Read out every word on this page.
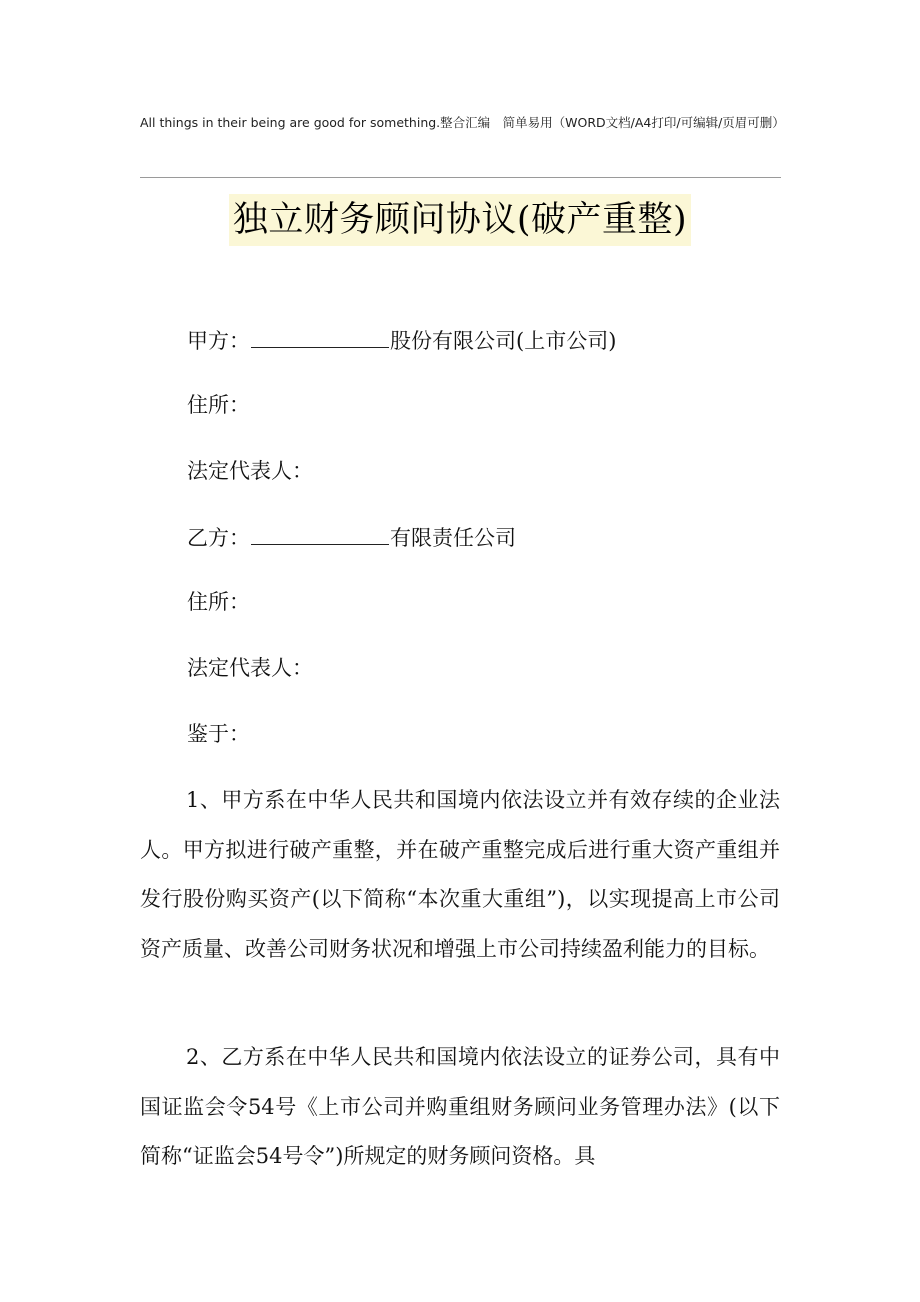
All things in their being are good for something.整合汇编　简单易用（WORD文档/A4打印/可编辑/页眉可删）
独立财务顾问协议(破产重整)
甲方：	股份有限公司(上市公司)
住所：
法定代表人：
乙方：	有限责任公司
住所：
法定代表人：
鉴于：
1、甲方系在中华人民共和国境内依法设立并有效存续的企业法人。甲方拟进行破产重整，并在破产重整完成后进行重大资产重组并发行股份购买资产(以下简称“本次重大重组”)，以实现提高上市公司资产质量、改善公司财务状况和增强上市公司持续盈利能力的目标。
2、乙方系在中华人民共和国境内依法设立的证券公司，具有中国证监会令54号《上市公司并购重组财务顾问业务管理办法》(以下简称“证监会54号令”)所规定的财务顾问资格。具
